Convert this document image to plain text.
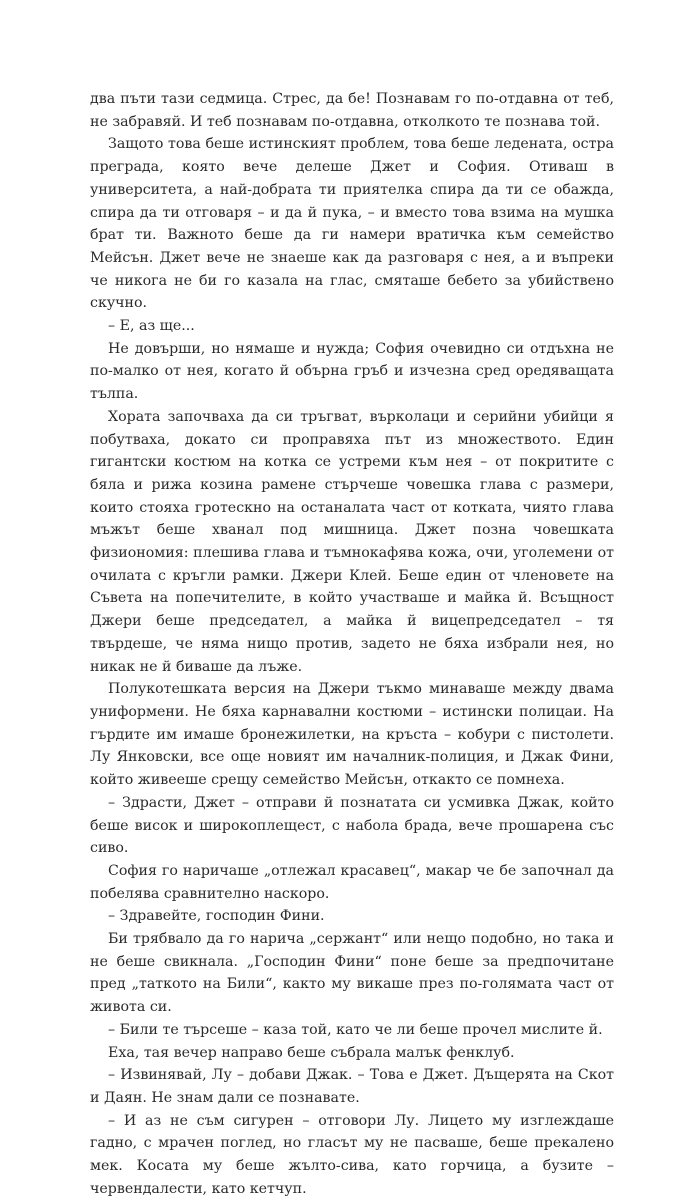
два пъти тази седмица. Стрес, да бе! Познавам го по-отдавна от теб, не забравяй. И теб познавам по-отдавна, отколкото те познава той.

Защото това беше истинският проблем, това беше ледената, остра преграда, която вече делеше Джет и София. Отиваш в университета, а най-добрата ти приятелка спира да ти се обажда, спира да ти отговаря – и да й пука, – и вместо това взима на мушка брат ти. Важното беше да ги намери вратичка към семейство Мейсън. Джет вече не знаеше как да разговаря с нея, а и въпреки че никога не би го казала на глас, смяташе бебето за убийствено скучно.

– Е, аз ще...

Не довърши, но нямаше и нужда; София очевидно си отдъхна не по-малко от нея, когато й обърна гръб и изчезна сред оредяващата тълпа.

Хората започваха да си тръгват, върколаци и серийни убийци я побутваха, докато си проправяха път из множеството. Един гигантски костюм на котка се устреми към нея – от покритите с бяла и рижа козина рамене стърчеше човешка глава с размери, които стояха гротескно на останалата част от котката, чиято глава мъжът беше хванал под мишница. Джет позна човешката физиономия: плешива глава и тъмнокафява кожа, очи, уголемени от очилата с кръгли рамки. Джери Клей. Беше един от членовете на Съвета на попечителите, в който участваше и майка й. Всъщност Джери беше председател, а майка й вицепредседател – тя твърдеше, че няма нищо против, задето не бяха избрали нея, но никак не й биваше да лъже.

Полукотешката версия на Джери тъкмо минаваше между двама униформени. Не бяха карнавални костюми – истински полицаи. На гърдите им имаше бронежилетки, на кръста – кобури с пистолети. Лу Янковски, все още новият им началник-полиция, и Джак Фини, който живееше срещу семейство Мейсън, откакто се помнеха.

– Здрасти, Джет – отправи й познатата си усмивка Джак, който беше висок и широкоплещест, с набола брада, вече прошарена със сиво.

София го наричаше „отлежал красавец“, макар че бе започнал да побелява сравнително наскоро.

– Здравейте, господин Фини.

Би трябвало да го нарича „сержант“ или нещо подобно, но така и не беше свикнала. „Господин Фини“ поне беше за предпочитане пред „таткото на Били“, както му викаше през по-голямата част от живота си.

– Били те търсеше – каза той, като че ли беше прочел мислите й.

Еха, тая вечер направо беше събрала малък фенклуб.

– Извинявай, Лу – добави Джак. – Това е Джет. Дъщерята на Скот и Даян. Не знам дали се познавате.

– И аз не съм сигурен – отговори Лу. Лицето му изглеждаше гадно, с мрачен поглед, но гласът му не пасваше, беше прекалено мек. Косата му беше жълто-сива, като горчица, а бузите – червендалести, като кетчуп.
